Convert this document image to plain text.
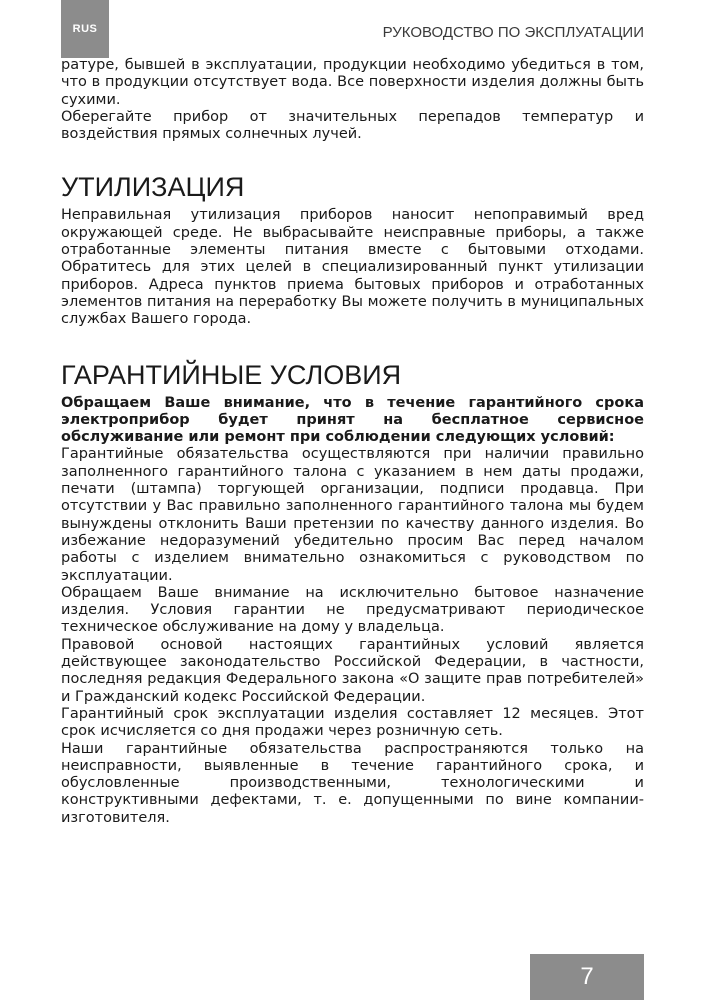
RUS	РУКОВОДСТВО ПО ЭКСПЛУАТАЦИИ

ратуре, бывшей в эксплуатации, продукции необходимо убедиться в том, что в продукции отсутствует вода. Все поверхности изделия должны быть сухими.

Оберегайте прибор от значительных перепадов температур и воздействия прямых солнечных лучей.

УТИЛИЗАЦИЯ

Неправильная утилизация приборов наносит непоправимый вред окружающей среде. Не выбрасывайте неисправные приборы, а также отработанные элементы питания вместе с бытовыми отходами. Обратитесь для этих целей в специализированный пункт утилизации приборов. Адреса пунктов приема бытовых приборов и отработанных элементов питания на переработку Вы можете получить в муниципальных службах Вашего города.

ГАРАНТИЙНЫЕ УСЛОВИЯ

Обращаем Ваше внимание, что в течение гарантийного срока электроприбор будет принят на бесплатное сервисное обслуживание или ремонт при соблюдении следующих условий:

Гарантийные обязательства осуществляются при наличии правильно заполненного гарантийного талона с указанием в нем даты продажи, печати (штампа) торгующей организации, подписи продавца. При отсутствии у Вас правильно заполненного гарантийного талона мы будем вынуждены отклонить Ваши претензии по качеству данного изделия. Во избежание недоразумений убедительно просим Вас перед началом работы с изделием внимательно ознакомиться с руководством по эксплуатации.

Обращаем Ваше внимание на исключительно бытовое назначение изделия. Условия гарантии не предусматривают периодическое техническое обслуживание на дому у владельца.

Правовой основой настоящих гарантийных условий является действующее законодательство Российской Федерации, в частности, последняя редакция Федерального закона «О защите прав потребителей» и Гражданский кодекс Российской Федерации.

Гарантийный срок эксплуатации изделия составляет 12 месяцев. Этот срок исчисляется со дня продажи через розничную сеть.

Наши гарантийные обязательства распространяются только на неисправности, выявленные в течение гарантийного срока, и обусловленные производственными, технологическими и конструктивными дефектами, т. е. допущенными по вине компании-изготовителя.

7
